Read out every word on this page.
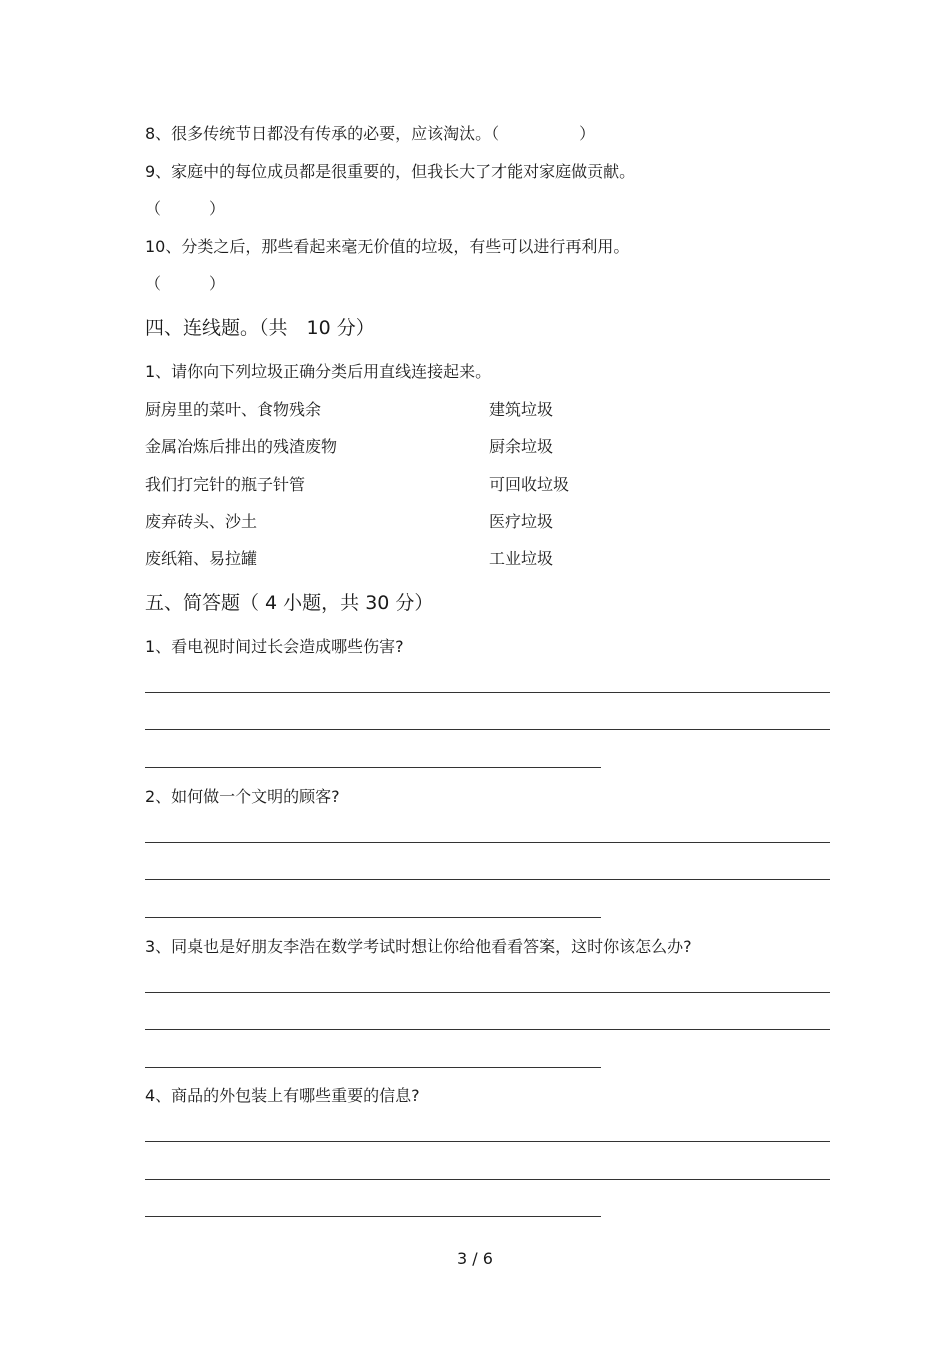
8、很多传统节日都没有传承的必要，应该淘汰。（　　　　　）
9、家庭中的每位成员都是很重要的，但我长大了才能对家庭做贡献。
（　　　）
10、分类之后，那些看起来毫无价值的垃圾，有些可以进行再利用。
（　　　）
四、连线题。（共　10 分）
1、请你向下列垃圾正确分类后用直线连接起来。
厨房里的菜叶、食物残余	建筑垃圾
金属冶炼后排出的残渣废物	厨余垃圾
我们打完针的瓶子针管	可回收垃圾
废弃砖头、沙土	医疗垃圾
废纸箱、易拉罐	工业垃圾
五、简答题（ 4 小题，共 30 分）
1、看电视时间过长会造成哪些伤害?
2、如何做一个文明的顾客?
3、同桌也是好朋友李浩在数学考试时想让你给他看看答案，这时你该怎么办?
4、商品的外包装上有哪些重要的信息?
3 / 6
